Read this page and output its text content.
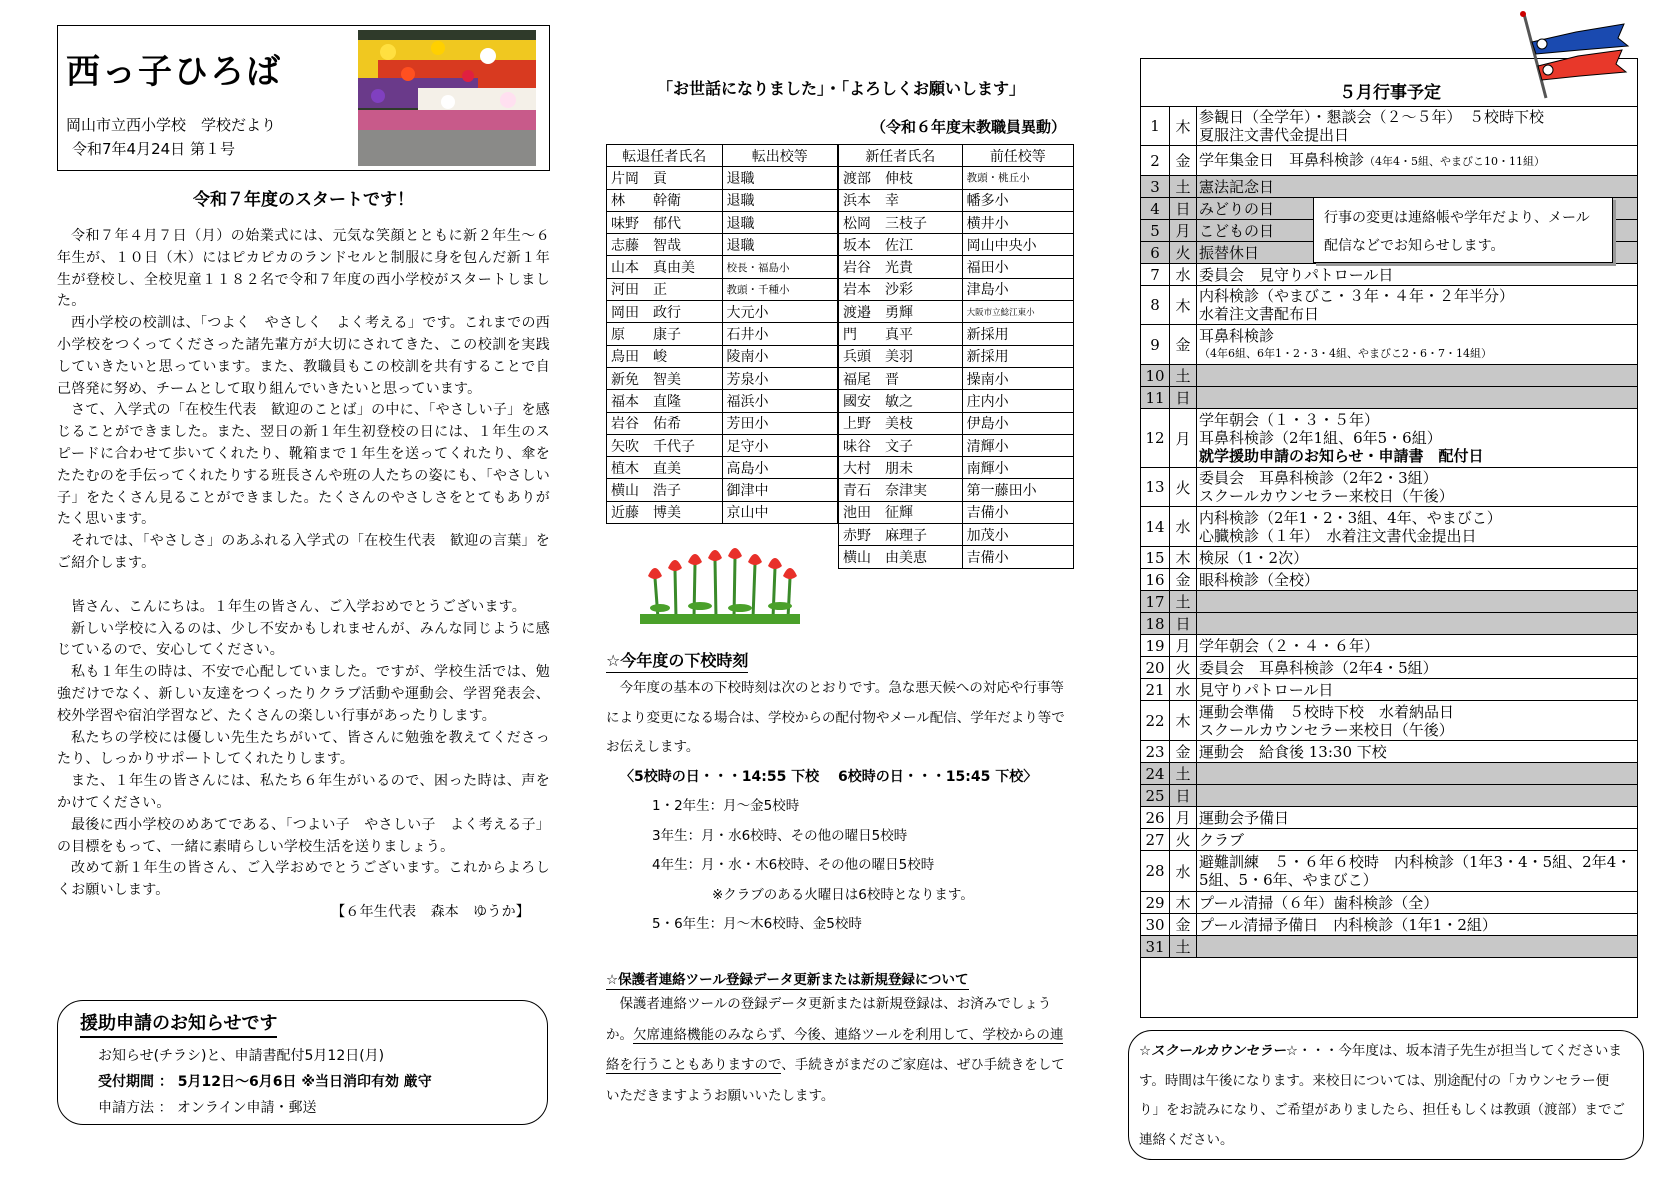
西っ子ひろば
岡山市立西小学校　学校だより
令和7年4月24日 第１号
令和７年度のスタートです！

令和７年４月７日（月）の始業式には、元気な笑顔とともに新２年生～６年生が、１０日（木）にはピカピカのランドセルと制服に身を包んだ新１年生が登校し、全校児童１１８２名で令和７年度の西小学校がスタートしました。

西小学校の校訓は、「つよく　やさしく　よく考える」です。これまでの西小学校をつくってくださった諸先輩方が大切にされてきた、この校訓を実践していきたいと思っています。また、教職員もこの校訓を共有することで自己啓発に努め、チームとして取り組んでいきたいと思っています。

さて、入学式の「在校生代表　歓迎のことば」の中に、「やさしい子」を感じることができました。また、翌日の新１年生初登校の日には、１年生のスピードに合わせて歩いてくれたり、靴箱まで１年生を送ってくれたり、傘をたたむのを手伝ってくれたりする班長さんや班の人たちの姿にも、「やさしい子」をたくさん見ることができました。たくさんのやさしさをとてもありがたく思います。

それでは、「やさしさ」のあふれる入学式の「在校生代表　歓迎の言葉」をご紹介します。

皆さん、こんにちは。１年生の皆さん、ご入学おめでとうございます。

新しい学校に入るのは、少し不安かもしれませんが、みんな同じように感じているので、安心してください。

私も１年生の時は、不安で心配していました。ですが、学校生活では、勉強だけでなく、新しい友達をつくったりクラブ活動や運動会、学習発表会、校外学習や宿泊学習など、たくさんの楽しい行事があったりします。

私たちの学校には優しい先生たちがいて、皆さんに勉強を教えてくださったり、しっかりサポートしてくれたりします。

また、１年生の皆さんには、私たち６年生がいるので、困った時は、声をかけてください。

最後に西小学校のめあてである、「つよい子　やさしい子　よく考える子」の目標をもって、一緒に素晴らしい学校生活を送りましょう。

改めて新１年生の皆さん、ご入学おめでとうございます。これからよろしくお願いします。

【６年生代表　森本　ゆうか】

援助申請のお知らせです
お知らせ(チラシ)と、申請書配付5月12日(月)
受付期間 ： 5月12日～6月6日 ※当日消印有効 厳守
申請方法 ： オンライン申請・郵送
「お世話になりました」・「よろしくお願いします」
（令和６年度末教職員異動）
転退任者氏名	転出校等
片岡　貢	退職
林　　幹衛	退職
味野　郁代	退職
志藤　智哉	退職
山本　真由美	校長・福島小
河田　正	教頭・千種小
岡田　政行	大元小
原　　康子	石井小
鳥田　峻	陵南小
新免　智美	芳泉小
福本　直隆	福浜小
岩谷　佑希	芳田小
矢吹　千代子	足守小
植木　直美	高島小
横山　浩子	御津中
近藤　博美	京山中
新任者氏名	前任校等
渡部　伸枝	教頭・桃丘小
浜本　幸	幡多小
松岡　三枝子	横井小
坂本　佐江	岡山中央小
岩谷　光貴	福田小
岩本　沙彩	津島小
渡邉　勇輝	大阪市立鯰江東小
門　　真平	新採用
兵頭　美羽	新採用
福尾　晋	操南小
國安　敏之	庄内小
上野　美枝	伊島小
味谷　文子	清輝小
大村　朋未	南輝小
青石　奈津実	第一藤田小
池田　征輝	吉備小
赤野　麻理子	加茂小
横山　由美恵	吉備小
☆今年度の下校時刻
今年度の基本の下校時刻は次のとおりです。急な悪天候への対応や行事等により変更になる場合は、学校からの配付物やメール配信、学年だより等でお伝えします。
〈5校時の日・・・14:55 下校　 6校時の日・・・15:45 下校〉
1・2年生：月～金5校時
3年生：月・水6校時、その他の曜日5校時
4年生：月・水・木6校時、その他の曜日5校時
※クラブのある火曜日は6校時となります。
5・6年生：月～木6校時、金5校時
☆保護者連絡ツール登録データ更新または新規登録について
　保護者連絡ツールの登録データ更新または新規登録は、お済みでしょうか。欠席連絡機能のみならず、今後、連絡ツールを利用して、学校からの連絡を行うこともありますので、手続きがまだのご家庭は、ぜひ手続きをしていただきますようお願いいたします。
５月行事予定
1	木	参観日（全学年）・懇談会（２～５年）　５校時下校
夏服注文書代金提出日
2	金	学年集金日　耳鼻科検診（4年4・5組、やまびこ10・11組）
3	土	憲法記念日
4	日	みどりの日
5	月	こどもの日
6	火	振替休日
7	水	委員会　見守りパトロール日
8	木	内科検診（やまびこ・３年・４年・２年半分）
水着注文書配布日
9	金	耳鼻科検診
（4年6組、6年1・2・3・4組、やまびこ2・6・7・14組）

10	土	
11	日	
12	月	学年朝会（１・３・５年）
耳鼻科検診（2年1組、6年5・6組）
就学援助申請のお知らせ・申請書　配付日

13	火	委員会　耳鼻科検診（2年2・3組）
スクールカウンセラー来校日（午後）
14	水	内科検診（2年1・2・3組、4年、やまびこ）
心臓検診（１年）　水着注文書代金提出日
15	木	検尿（1・2次）
16	金	眼科検診（全校）
17	土	
18	日	
19	月	学年朝会（２・４・６年）
20	火	委員会　耳鼻科検診（2年4・5組）
21	水	見守りパトロール日
22	木	運動会準備　５校時下校　水着納品日
スクールカウンセラー来校日（午後）
23	金	運動会　給食後 13:30 下校
24	土	
25	日	
26	月	運動会予備日
27	火	クラブ
28	水	避難訓練　５・６年６校時　内科検診（1年3・4・5組、2年4・5組、5・6年、やまびこ）
29	木	プール清掃（６年）歯科検診（全）
30	金	プール清掃予備日　内科検診（1年1・2組）
31	土	
行事の変更は連絡帳や学年だより、メール配信などでお知らせします。
☆スクールカウンセラー☆・・・今年度は、坂本清子先生が担当してくださいます。時間は午後になります。来校日については、別途配付の「カウンセラー便り」をお読みになり、ご希望がありましたら、担任もしくは教頭（渡部）までご連絡ください。
